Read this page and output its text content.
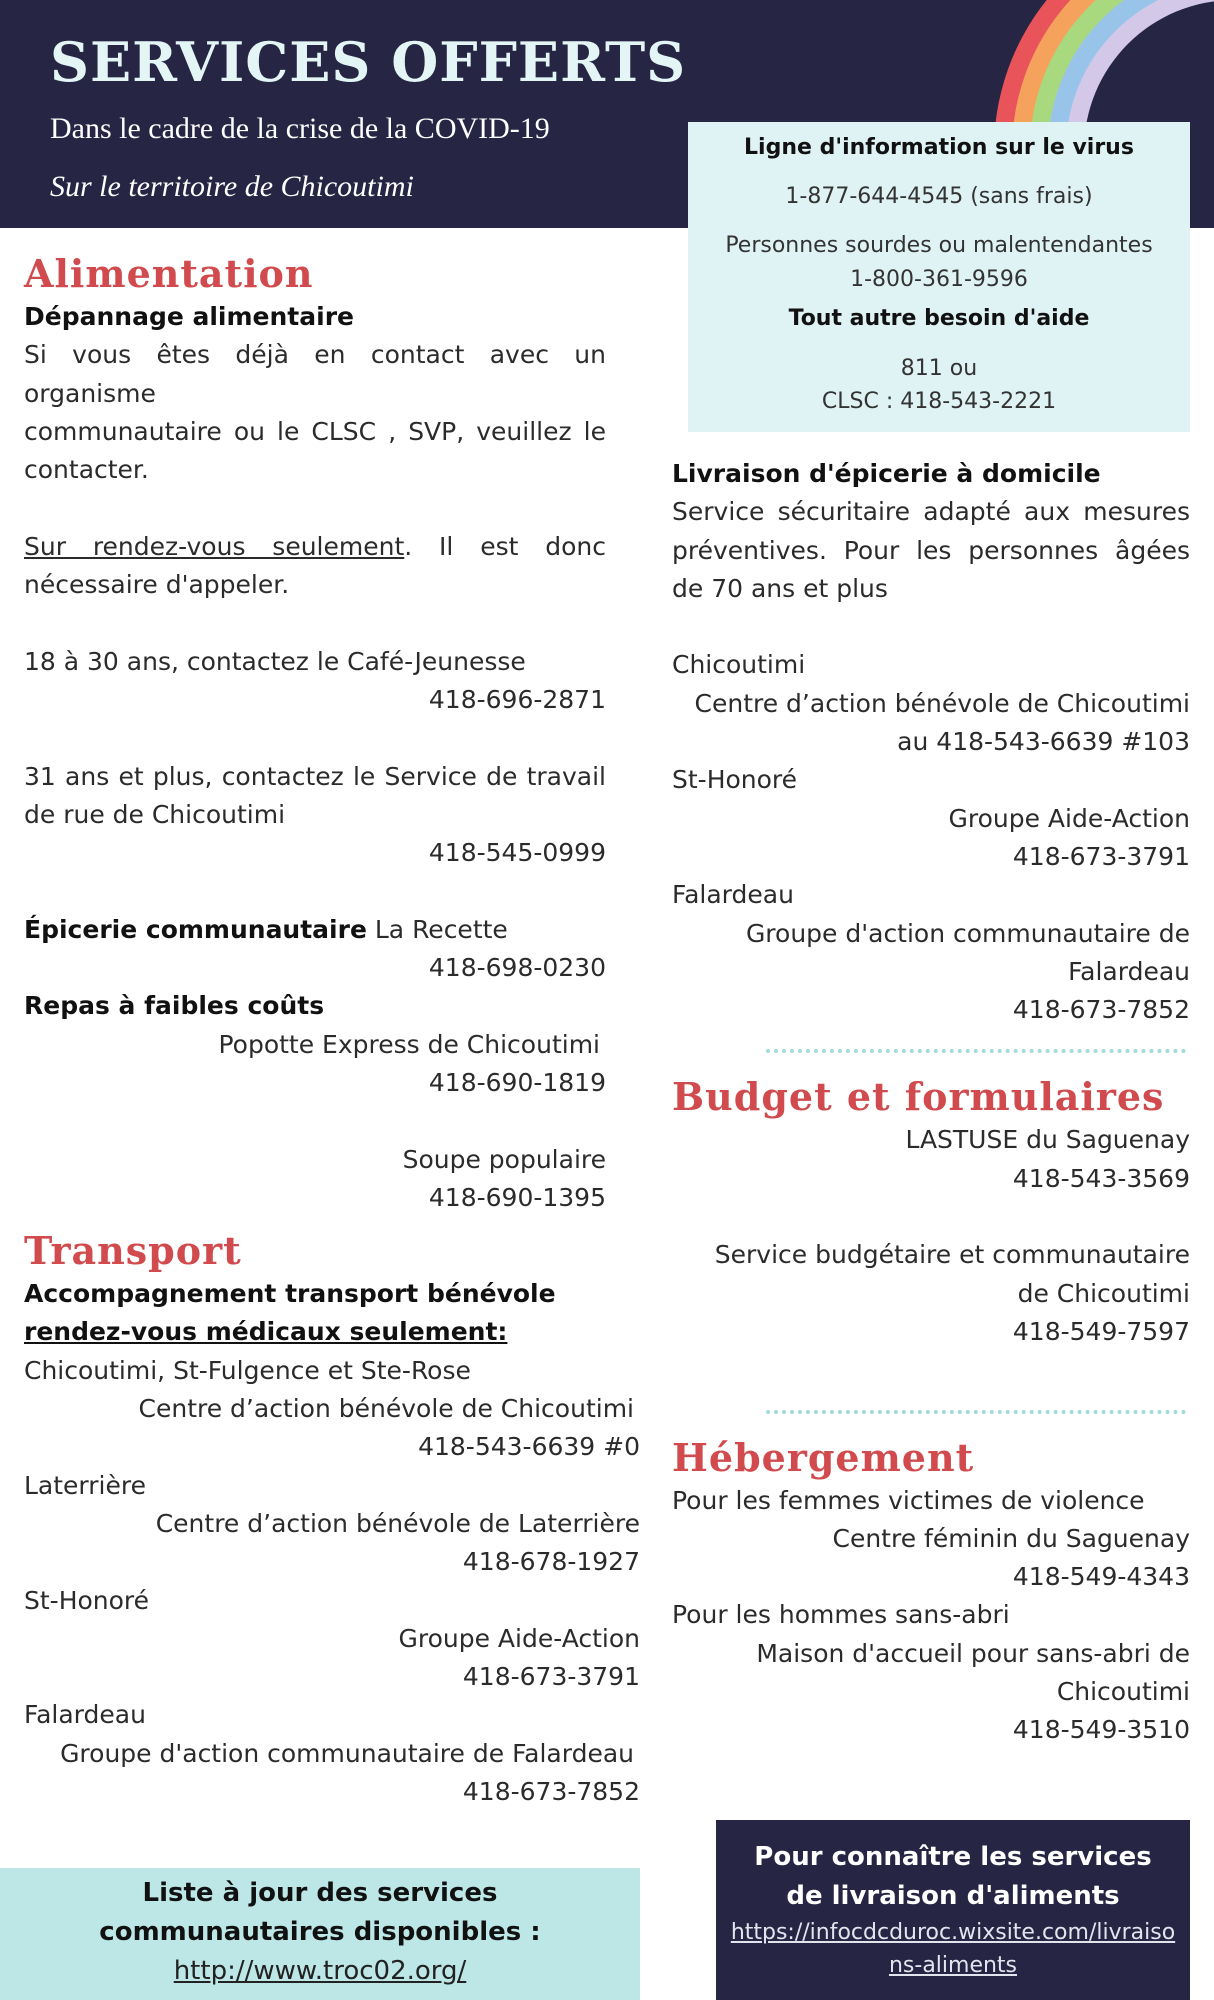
SERVICES OFFERTS
Dans le cadre de la crise de la COVID-19
Sur le territoire de Chicoutimi
Ligne d'information sur le virus
1-877-644-4545 (sans frais)
Personnes sourdes ou malentendantes
1-800-361-9596
Tout autre besoin d'aide
811 ou
CLSC : 418-543-2221
Alimentation
Dépannage alimentaire
Si vous êtes déjà en contact avec un organisme
communautaire ou le CLSC , SVP, veuillez le contacter.
Sur rendez-vous seulement. Il est donc nécessaire d'appeler.
18 à 30 ans, contactez le Café-Jeunesse
418-696-2871
31 ans et plus, contactez le Service de travail de rue de Chicoutimi
418-545-0999
Épicerie communautaire La Recette
418-698-0230
Repas à faibles coûts
Popotte Express de Chicoutimi
418-690-1819
Soupe populaire
418-690-1395
Transport
Accompagnement transport bénévole
rendez-vous médicaux seulement:
Chicoutimi, St-Fulgence et Ste-Rose
Centre d’action bénévole de Chicoutimi
418-543-6639 #0
Laterrière
Centre d’action bénévole de Laterrière
418-678-1927
St-Honoré
Groupe Aide-Action
418-673-3791
Falardeau
Groupe d'action communautaire de Falardeau
418-673-7852
Livraison d'épicerie à domicile
Service sécuritaire adapté aux mesures préventives. Pour les personnes âgées de 70 ans et plus
Chicoutimi
Centre d’action bénévole de Chicoutimi
au 418-543-6639 #103
St-Honoré
Groupe Aide-Action
418-673-3791
Falardeau
Groupe d'action communautaire de Falardeau
418-673-7852
Budget et formulaires
LASTUSE du Saguenay
418-543-3569
Service budgétaire et communautaire de Chicoutimi
418-549-7597
Hébergement
Pour les femmes victimes de violence
Centre féminin du Saguenay
418-549-4343
Pour les hommes sans-abri
Maison d'accueil pour sans-abri de Chicoutimi
418-549-3510
Liste à jour des services communautaires disponibles :
http://www.troc02.org/
Pour connaître les services de livraison d'aliments
https://infocdcduroc.wixsite.com/livraisons-aliments
